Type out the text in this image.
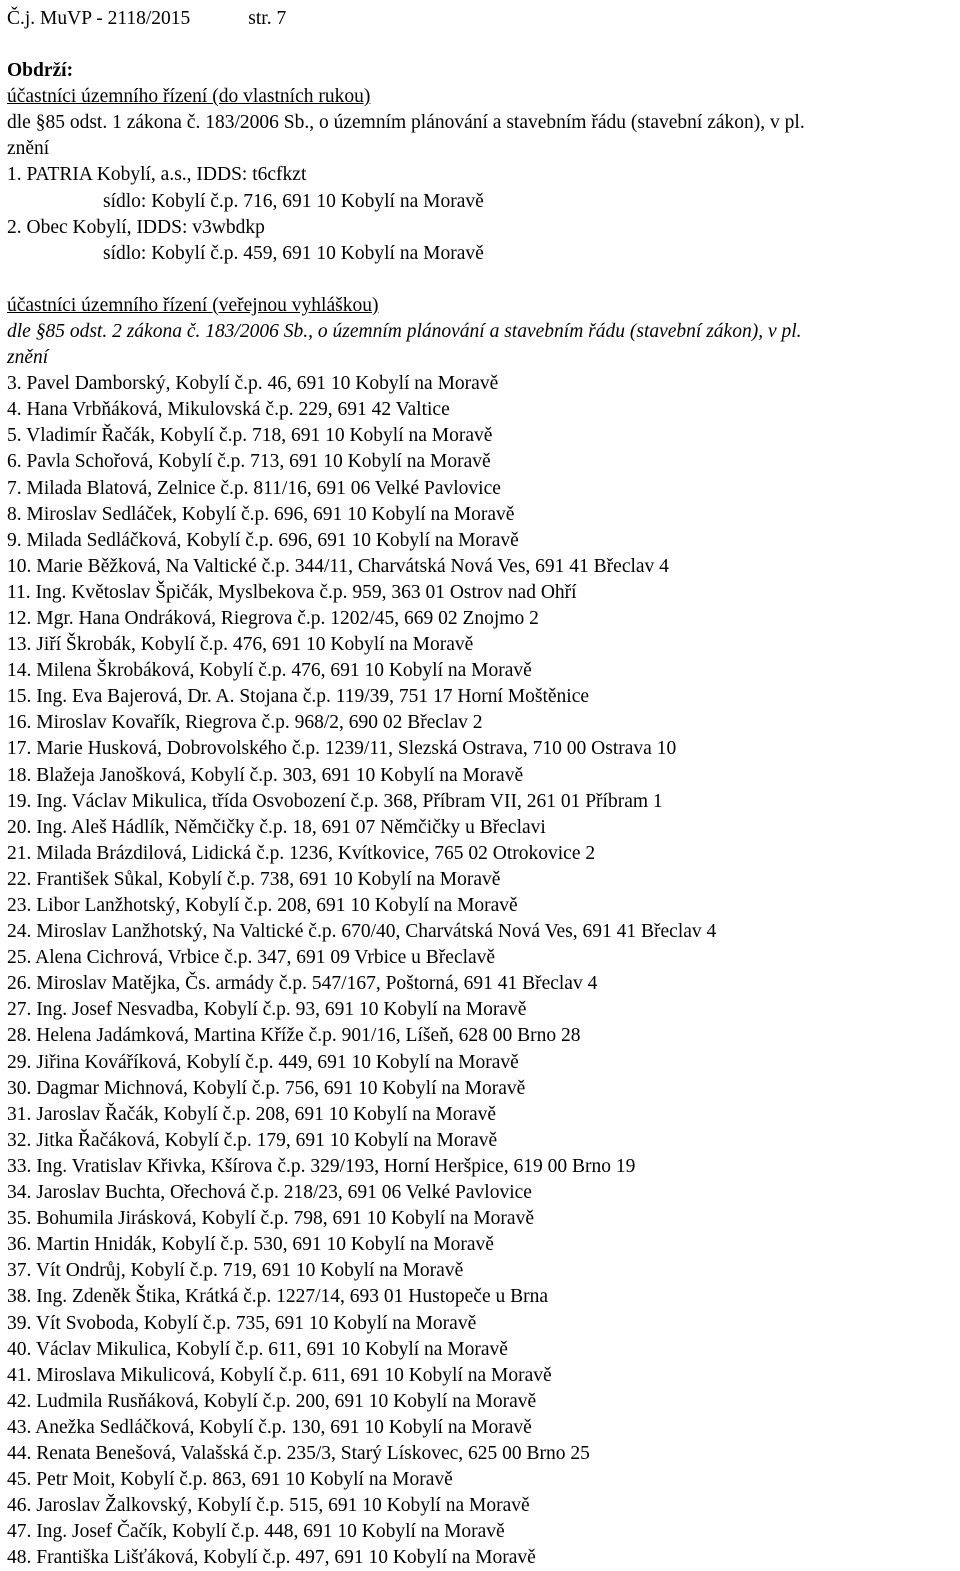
Č.j. MuVP - 2118/2015	str. 7
Obdrží:
účastníci územního řízení (do vlastních rukou)
dle §85 odst. 1 zákona č. 183/2006 Sb., o územním plánování a stavebním řádu (stavební zákon), v pl.
znění
1. PATRIA Kobylí, a.s., IDDS: t6cfkzt
sídlo: Kobylí č.p. 716, 691 10 Kobylí na Moravě
2. Obec Kobylí, IDDS: v3wbdkp
sídlo: Kobylí č.p. 459, 691 10 Kobylí na Moravě
účastníci územního řízení (veřejnou vyhláškou)
dle §85 odst. 2 zákona č. 183/2006 Sb., o územním plánování a stavebním řádu (stavební zákon), v pl.
znění
3. Pavel Damborský, Kobylí č.p. 46, 691 10 Kobylí na Moravě
4. Hana Vrbňáková, Mikulovská č.p. 229, 691 42 Valtice
5. Vladimír Řačák, Kobylí č.p. 718, 691 10 Kobylí na Moravě
6. Pavla Schořová, Kobylí č.p. 713, 691 10 Kobylí na Moravě
7. Milada Blatová, Zelnice č.p. 811/16, 691 06 Velké Pavlovice
8. Miroslav Sedláček, Kobylí č.p. 696, 691 10 Kobylí na Moravě
9. Milada Sedláčková, Kobylí č.p. 696, 691 10 Kobylí na Moravě
10. Marie Běžková, Na Valtické č.p. 344/11, Charvátská Nová Ves, 691 41 Břeclav 4
11. Ing. Květoslav Špičák, Myslbekova č.p. 959, 363 01 Ostrov nad Ohří
12. Mgr. Hana Ondráková, Riegrova č.p. 1202/45, 669 02 Znojmo 2
13. Jiří Škrobák, Kobylí č.p. 476, 691 10 Kobylí na Moravě
14. Milena Škrobáková, Kobylí č.p. 476, 691 10 Kobylí na Moravě
15. Ing. Eva Bajerová, Dr. A. Stojana č.p. 119/39, 751 17 Horní Moštěnice
16. Miroslav Kovařík, Riegrova č.p. 968/2, 690 02 Břeclav 2
17. Marie Husková, Dobrovolského č.p. 1239/11, Slezská Ostrava, 710 00 Ostrava 10
18. Blažeja Janošková, Kobylí č.p. 303, 691 10 Kobylí na Moravě
19. Ing. Václav Mikulica, třída Osvobození č.p. 368, Příbram VII, 261 01 Příbram 1
20. Ing. Aleš Hádlík, Němčičky č.p. 18, 691 07 Němčičky u Břeclavi
21. Milada Brázdilová, Lidická č.p. 1236, Kvítkovice, 765 02 Otrokovice 2
22. František Sůkal, Kobylí č.p. 738, 691 10 Kobylí na Moravě
23. Libor Lanžhotský, Kobylí č.p. 208, 691 10 Kobylí na Moravě
24. Miroslav Lanžhotský, Na Valtické č.p. 670/40, Charvátská Nová Ves, 691 41 Břeclav 4
25. Alena Cichrová, Vrbice č.p. 347, 691 09 Vrbice u Břeclavě
26. Miroslav Matějka, Čs. armády č.p. 547/167, Poštorná, 691 41 Břeclav 4
27. Ing. Josef Nesvadba, Kobylí č.p. 93, 691 10 Kobylí na Moravě
28. Helena Jadámková, Martina Kříže č.p. 901/16, Líšeň, 628 00 Brno 28
29. Jiřina Kováříková, Kobylí č.p. 449, 691 10 Kobylí na Moravě
30. Dagmar Michnová, Kobylí č.p. 756, 691 10 Kobylí na Moravě
31. Jaroslav Řačák, Kobylí č.p. 208, 691 10 Kobylí na Moravě
32. Jitka Řačáková, Kobylí č.p. 179, 691 10 Kobylí na Moravě
33. Ing. Vratislav Křivka, Kšírova č.p. 329/193, Horní Heršpice, 619 00 Brno 19
34. Jaroslav Buchta, Ořechová č.p. 218/23, 691 06 Velké Pavlovice
35. Bohumila Jirásková, Kobylí č.p. 798, 691 10 Kobylí na Moravě
36. Martin Hnidák, Kobylí č.p. 530, 691 10 Kobylí na Moravě
37. Vít Ondrůj, Kobylí č.p. 719, 691 10 Kobylí na Moravě
38. Ing. Zdeněk Štika, Krátká č.p. 1227/14, 693 01 Hustopeče u Brna
39. Vít Svoboda, Kobylí č.p. 735, 691 10 Kobylí na Moravě
40. Václav Mikulica, Kobylí č.p. 611, 691 10 Kobylí na Moravě
41. Miroslava Mikulicová, Kobylí č.p. 611, 691 10 Kobylí na Moravě
42. Ludmila Rusňáková, Kobylí č.p. 200, 691 10 Kobylí na Moravě
43. Anežka Sedláčková, Kobylí č.p. 130, 691 10 Kobylí na Moravě
44. Renata Benešová, Valašská č.p. 235/3, Starý Lískovec, 625 00 Brno 25
45. Petr Moit, Kobylí č.p. 863, 691 10 Kobylí na Moravě
46. Jaroslav Žalkovský, Kobylí č.p. 515, 691 10 Kobylí na Moravě
47. Ing. Josef Čačík, Kobylí č.p. 448, 691 10 Kobylí na Moravě
48. Františka Lišťáková, Kobylí č.p. 497, 691 10 Kobylí na Moravě
